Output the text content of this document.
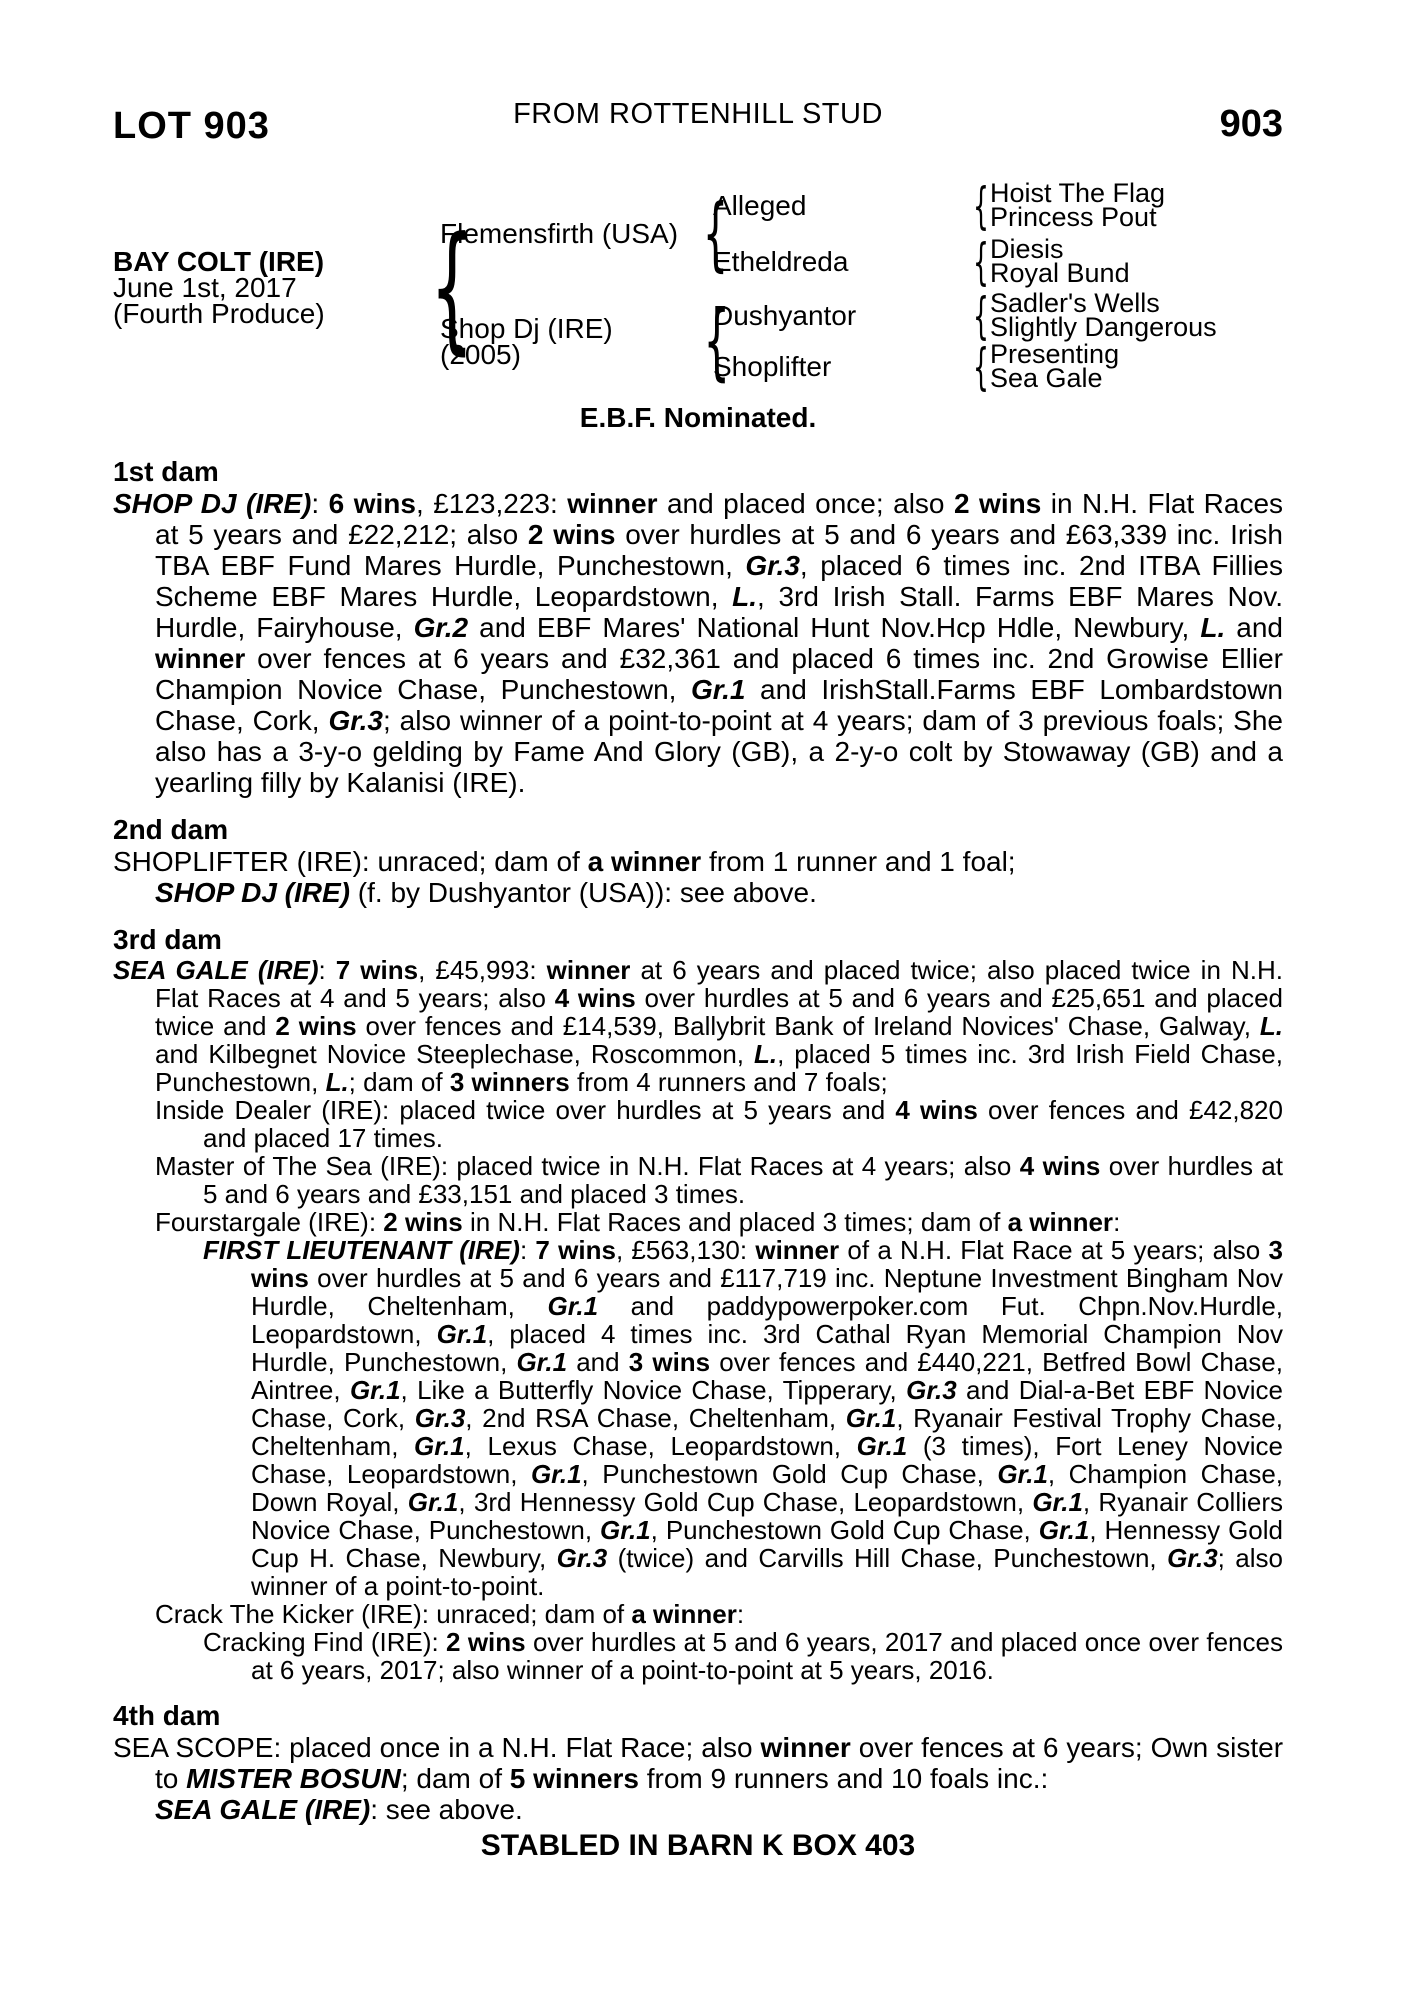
LOT 903	FROM ROTTENHILL STUD	903
BAY COLT (IRE)
June 1st, 2017
(Fourth Produce)
{
Flemensfirth (USA)
Shop Dj (IRE)
(2005)
{
{
Alleged
Etheldreda
Dushyantor
Shoplifter
{
{
{
{
Hoist The Flag
Princess Pout
Diesis
Royal Bund
Sadler's Wells
Slightly Dangerous
Presenting
Sea Gale
E.B.F. Nominated.
1st dam

SHOP DJ (IRE): 6 wins, £123,223: winner and placed once; also 2 wins in N.H. Flat Races at 5 years and £22,212; also 2 wins over hurdles at 5 and 6 years and £63,339 inc. Irish TBA EBF Fund Mares Hurdle, Punchestown, Gr.3, placed 6 times inc. 2nd ITBA Fillies Scheme EBF Mares Hurdle, Leopardstown, L., 3rd Irish Stall. Farms EBF Mares Nov. Hurdle, Fairyhouse, Gr.2 and EBF Mares' National Hunt Nov.Hcp Hdle, Newbury, L. and winner over fences at 6 years and £32,361 and placed 6 times inc. 2nd Growise Ellier Champion Novice Chase, Punchestown, Gr.1 and IrishStall.Farms EBF Lombardstown Chase, Cork, Gr.3; also winner of a point-to-point at 4 years; dam of 3 previous foals; She also has a 3-y-o gelding by Fame And Glory (GB), a 2-y-o colt by Stowaway (GB) and a yearling filly by Kalanisi (IRE).

2nd dam

SHOPLIFTER (IRE): unraced; dam of a winner from 1 runner and 1 foal;

SHOP DJ (IRE) (f. by Dushyantor (USA)): see above.

3rd dam

SEA GALE (IRE): 7 wins, £45,993: winner at 6 years and placed twice; also placed twice in N.H. Flat Races at 4 and 5 years; also 4 wins over hurdles at 5 and 6 years and £25,651 and placed twice and 2 wins over fences and £14,539, Ballybrit Bank of Ireland Novices' Chase, Galway, L. and Kilbegnet Novice Steeplechase, Roscommon, L., placed 5 times inc. 3rd Irish Field Chase, Punchestown, L.; dam of 3 winners from 4 runners and 7 foals;

Inside Dealer (IRE): placed twice over hurdles at 5 years and 4 wins over fences and £42,820 and placed 17 times.

Master of The Sea (IRE): placed twice in N.H. Flat Races at 4 years; also 4 wins over hurdles at 5 and 6 years and £33,151 and placed 3 times.

Fourstargale (IRE): 2 wins in N.H. Flat Races and placed 3 times; dam of a winner:

FIRST LIEUTENANT (IRE): 7 wins, £563,130: winner of a N.H. Flat Race at 5 years; also 3 wins over hurdles at 5 and 6 years and £117,719 inc. Neptune Investment Bingham Nov Hurdle, Cheltenham, Gr.1 and paddypowerpoker.com Fut. Chpn.Nov.Hurdle, Leopardstown, Gr.1, placed 4 times inc. 3rd Cathal Ryan Memorial Champion Nov Hurdle, Punchestown, Gr.1 and 3 wins over fences and £440,221, Betfred Bowl Chase, Aintree, Gr.1, Like a Butterfly Novice Chase, Tipperary, Gr.3 and Dial-a-Bet EBF Novice Chase, Cork, Gr.3, 2nd RSA Chase, Cheltenham, Gr.1, Ryanair Festival Trophy Chase, Cheltenham, Gr.1, Lexus Chase, Leopardstown, Gr.1 (3 times), Fort Leney Novice Chase, Leopardstown, Gr.1, Punchestown Gold Cup Chase, Gr.1, Champion Chase, Down Royal, Gr.1, 3rd Hennessy Gold Cup Chase, Leopardstown, Gr.1, Ryanair Colliers Novice Chase, Punchestown, Gr.1, Punchestown Gold Cup Chase, Gr.1, Hennessy Gold Cup H. Chase, Newbury, Gr.3 (twice) and Carvills Hill Chase, Punchestown, Gr.3; also winner of a point-to-point.

Crack The Kicker (IRE): unraced; dam of a winner:

Cracking Find (IRE): 2 wins over hurdles at 5 and 6 years, 2017 and placed once over fences at 6 years, 2017; also winner of a point-to-point at 5 years, 2016.

4th dam

SEA SCOPE: placed once in a N.H. Flat Race; also winner over fences at 6 years; Own sister to MISTER BOSUN; dam of 5 winners from 9 runners and 10 foals inc.:

SEA GALE (IRE): see above.

STABLED IN BARN K BOX 403
